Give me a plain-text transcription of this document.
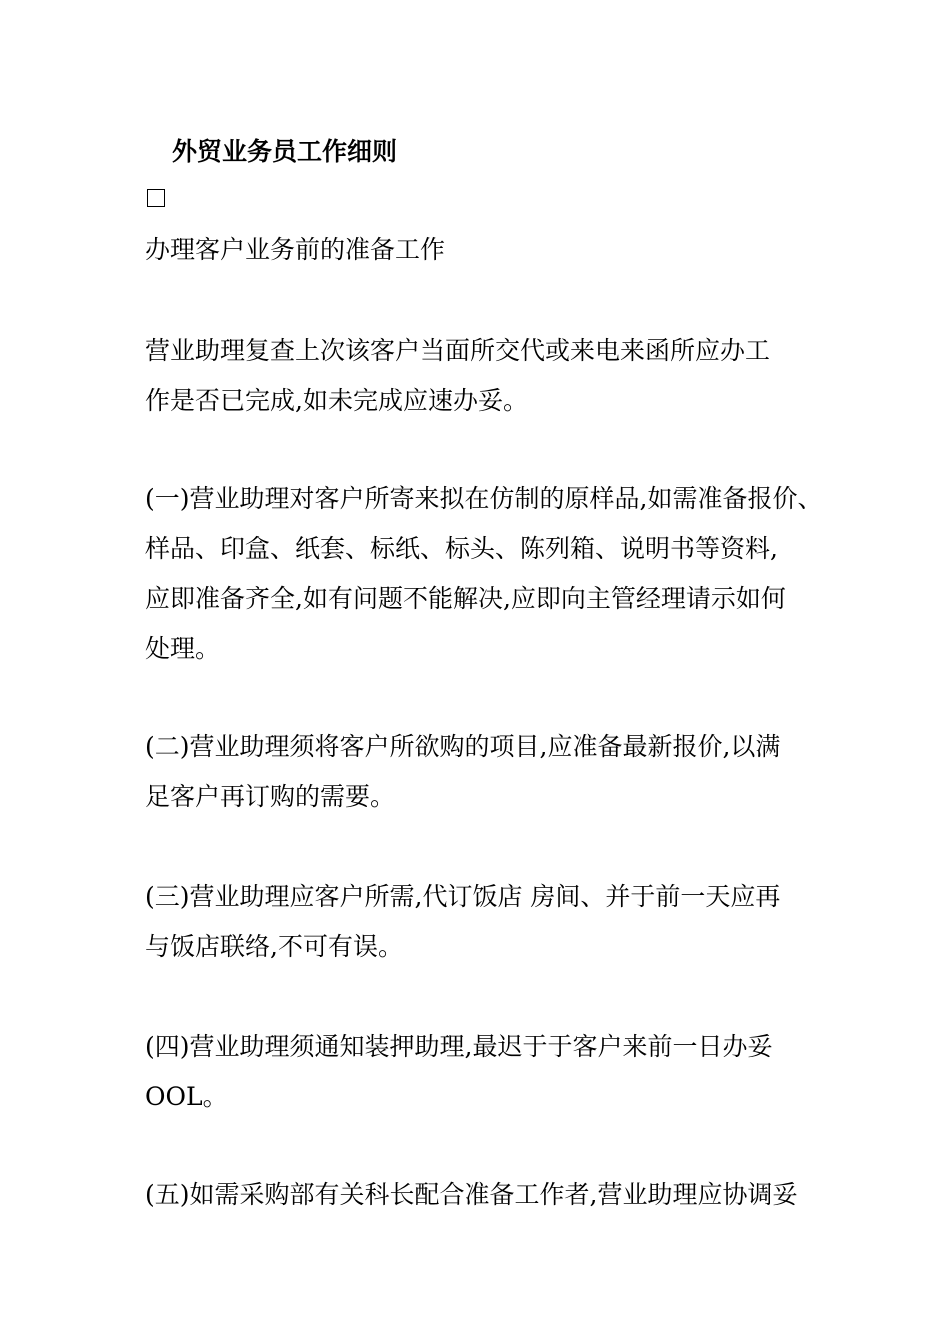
外贸业务员工作细则
办理客户业务前的准备工作
营业助理复查上次该客户当面所交代或来电来函所应办工
作是否已完成,如未完成应速办妥。
(一)营业助理对客户所寄来拟在仿制的原样品,如需准备报价、
样品、印盒、纸套、标纸、标头、陈列箱、说明书等资料,
应即准备齐全,如有问题不能解决,应即向主管经理请示如何
处理。
(二)营业助理须将客户所欲购的项目,应准备最新报价,以满
足客户再订购的需要。
(三)营业助理应客户所需,代订饭店 房间、并于前一天应再
与饭店联络,不可有误。
(四)营业助理须通知装押助理,最迟于于客户来前一日办妥
OOL。
(五)如需采购部有关科长配合准备工作者,营业助理应协调妥
